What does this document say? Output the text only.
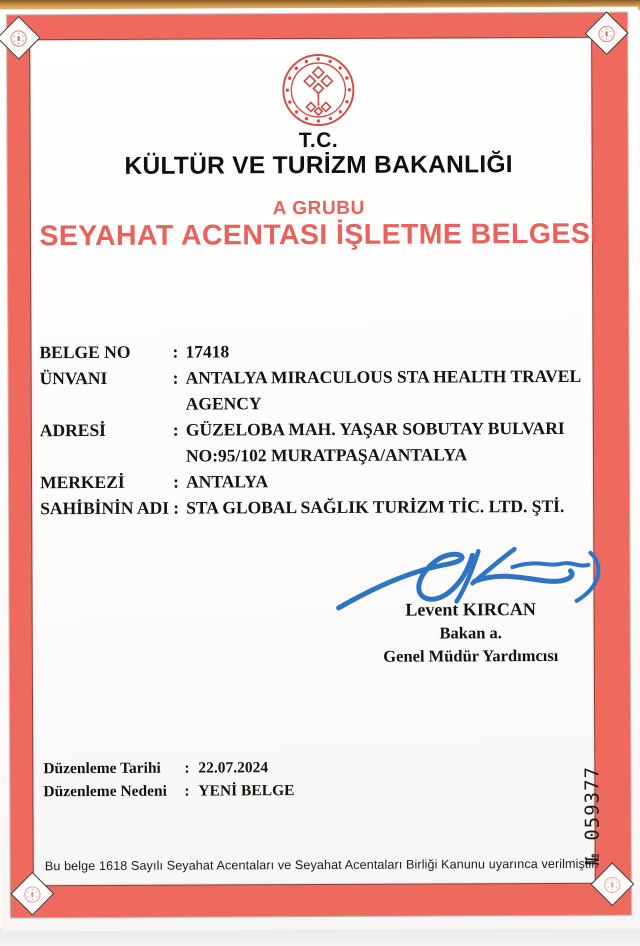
T.C.
KÜLTÜR VE TURİZM BAKANLIĞI
A GRUBU
SEYAHAT ACENTASI İŞLETME BELGESİ
BELGE NO	: 17418
ÜNVANI	: ANTALYA MIRACULOUS STA HEALTH TRAVEL AGENCY
ADRESİ	: GÜZELOBA MAH. YAŞAR SOBUTAY BULVARI NO:95/102 MURATPAŞA/ANTALYA
MERKEZİ	: ANTALYA
SAHİBİNİN ADI : STA GLOBAL SAĞLIK TURİZM TİC. LTD. ŞTİ.
Levent KIRCAN
Bakan a.
Genel Müdür Yardımcısı
Düzenleme Tarihi	: 22.07.2024
Düzenleme Nedeni	: YENİ BELGE	№ 059377
Bu belge 1618 Sayılı Seyahat Acentaları ve Seyahat Acentaları Birliği Kanunu uyarınca verilmiştir.
